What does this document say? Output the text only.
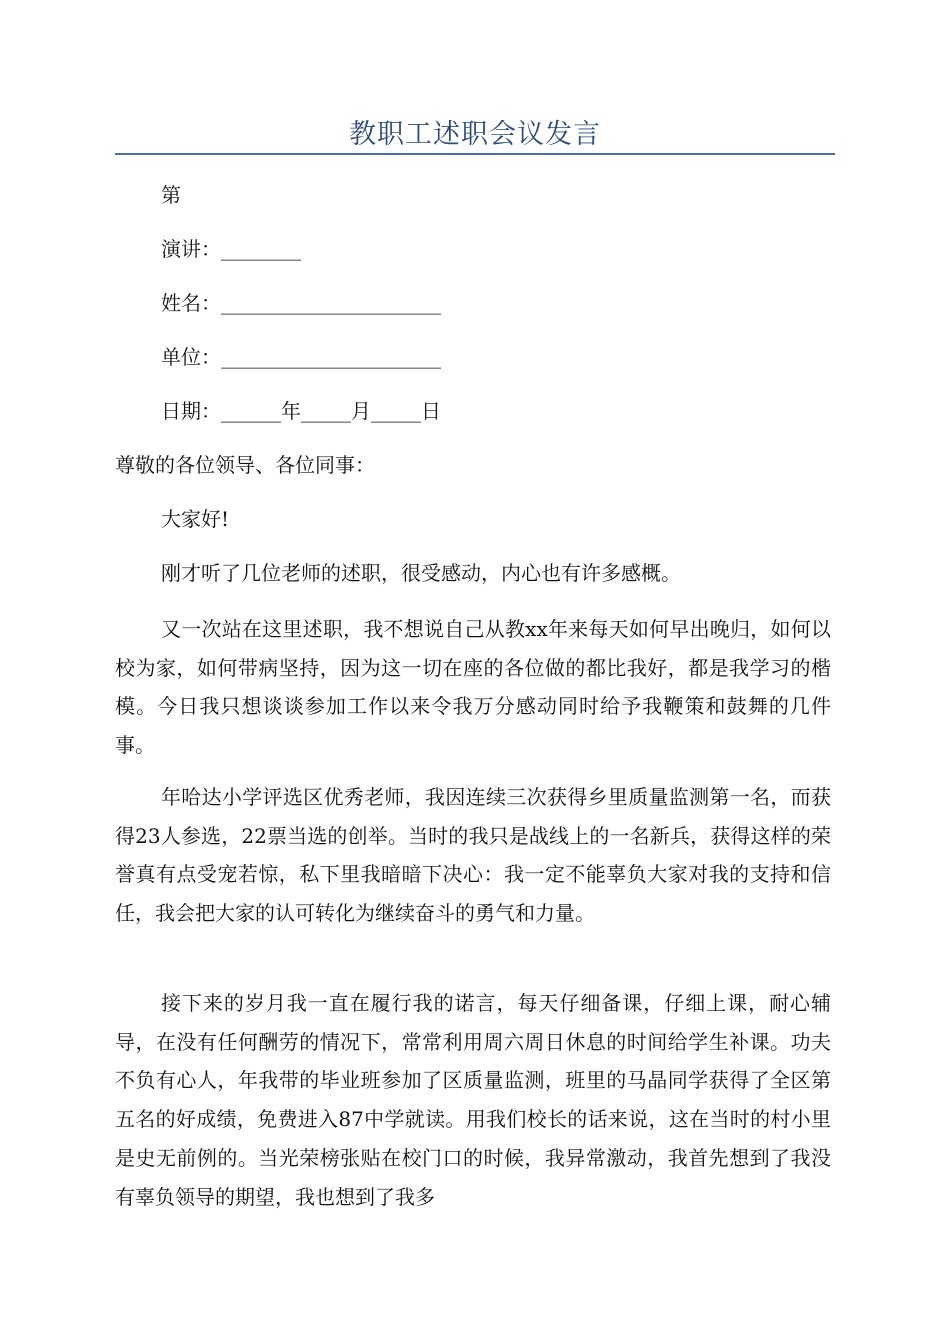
教职工述职会议发言
第
演讲：________
姓名：______________________
单位：______________________
日期：______年_____月_____日
尊敬的各位领导、各位同事：
大家好!
刚才听了几位老师的述职，很受感动，内心也有许多感概。
又一次站在这里述职，我不想说自己从教xx年来每天如何早出晚归，如何以校为家，如何带病坚持，因为这一切在座的各位做的都比我好，都是我学习的楷模。今日我只想谈谈参加工作以来令我万分感动同时给予我鞭策和鼓舞的几件事。
年哈达小学评选区优秀老师，我因连续三次获得乡里质量监测第一名，而获得23人参选，22票当选的创举。当时的我只是战线上的一名新兵，获得这样的荣誉真有点受宠若惊，私下里我暗暗下决心：我一定不能辜负大家对我的支持和信任，我会把大家的认可转化为继续奋斗的勇气和力量。
接下来的岁月我一直在履行我的诺言，每天仔细备课，仔细上课，耐心辅导，在没有任何酬劳的情况下，常常利用周六周日休息的时间给学生补课。功夫不负有心人，年我带的毕业班参加了区质量监测，班里的马晶同学获得了全区第五名的好成绩，免费进入87中学就读。用我们校长的话来说，这在当时的村小里是史无前例的。当光荣榜张贴在校门口的时候，我异常激动，我首先想到了我没有辜负领导的期望，我也想到了我多
